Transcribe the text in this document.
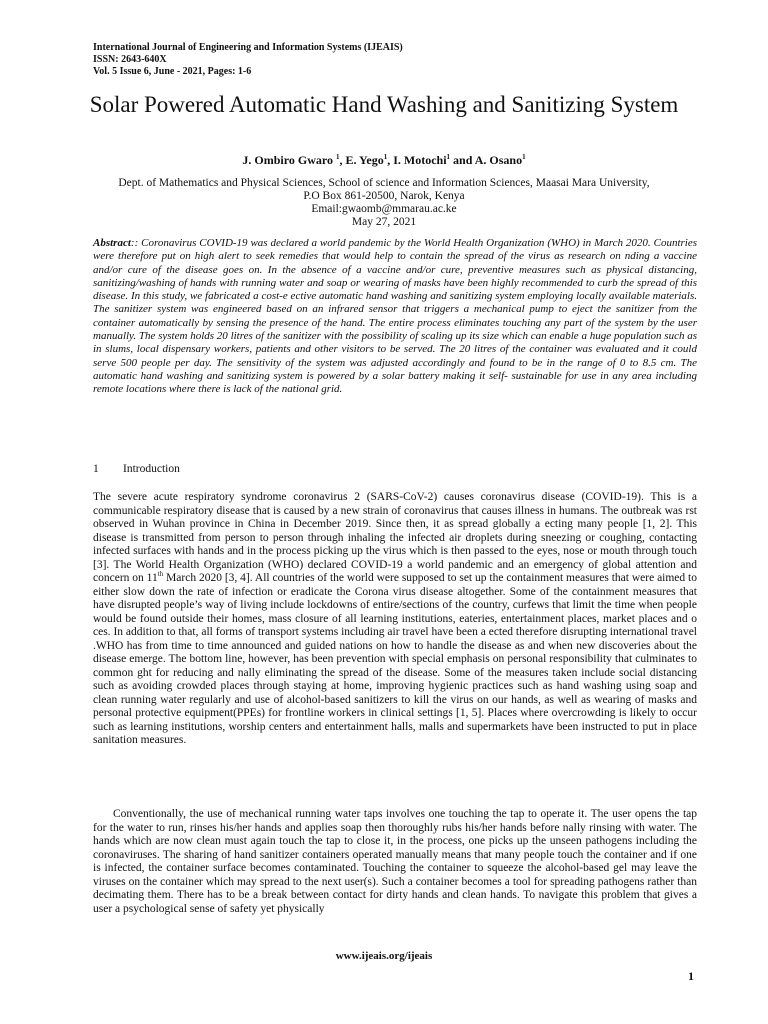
International Journal of Engineering and Information Systems (IJEAIS)
ISSN: 2643-640X
Vol. 5 Issue 6, June - 2021, Pages: 1-6
Solar Powered Automatic Hand Washing and Sanitizing System
J. Ombiro Gwaro $^1$, E. Yego$^1$, I. Motochi$^1$ and A. Osano$^1$
Dept. of Mathematics and Physical Sciences, School of science and Information Sciences, Maasai Mara University,
P.O Box 861-20500, Narok, Kenya
Email:gwaomb@mmarau.ac.ke
May 27, 2021

Abstract:: Coronavirus COVID-19 was declared a world pandemic by the World Health Organization (WHO) in March 2020. Countries were therefore put on high alert to seek remedies that would help to contain the spread of the virus as research on nding a vaccine and/or cure of the disease goes on. In the absence of a vaccine and/or cure, preventive measures such as physical distancing, sanitizing/washing of hands with running water and soap or wearing of masks have been highly recommended to curb the spread of this disease. In this study, we fabricated a cost-e ective automatic hand washing and sanitizing system employing locally available materials. The sanitizer system was engineered based on an infrared sensor that triggers a mechanical pump to eject the sanitizer from the container automatically by sensing the presence of the hand. The entire process eliminates touching any part of the system by the user manually. The system holds 20 litres of the sanitizer with the possibility of scaling up its size which can enable a huge population such as in slums, local dispensary workers, patients and other visitors to be served. The 20 litres of the container was evaluated and it could serve 500 people per day. The sensitivity of the system was adjusted accordingly and found to be in the range of 0 to 8.5 cm. The automatic hand washing and sanitizing system is powered by a solar battery making it self- sustainable for use in any area including remote locations where there is lack of the national grid.

1 Introduction

The severe acute respiratory syndrome coronavirus 2 (SARS-CoV-2) causes coronavirus disease (COVID-19). This is a communicable respiratory disease that is caused by a new strain of coronavirus that causes illness in humans. The outbreak was rst observed in Wuhan province in China in December 2019. Since then, it as spread globally a ecting many people [1, 2]. This disease is transmitted from person to person through inhaling the infected air droplets during sneezing or coughing, contacting infected surfaces with hands and in the process picking up the virus which is then passed to the eyes, nose or mouth through touch [3]. The World Health Organization (WHO) declared COVID-19 a world pandemic and an emergency of global attention and concern on 11th March 2020 [3, 4]. All countries of the world were supposed to set up the containment measures that were aimed to either slow down the rate of infection or eradicate the Corona virus disease altogether. Some of the containment measures that have disrupted people’s way of living include lockdowns of entire/sections of the country, curfews that limit the time when people would be found outside their homes, mass closure of all learning institutions, eateries, entertainment places, market places and o ces. In addition to that, all forms of transport systems including air travel have been a ected therefore disrupting international travel .WHO has from time to time announced and guided nations on how to handle the disease as and when new discoveries about the disease emerge. The bottom line, however, has been prevention with special emphasis on personal responsibility that culminates to common ght for reducing and nally eliminating the spread of the disease. Some of the measures taken include social distancing such as avoiding crowded places through staying at home, improving hygienic practices such as hand washing using soap and clean running water regularly and use of alcohol-based sanitizers to kill the virus on our hands, as well as wearing of masks and personal protective equipment(PPEs) for frontline workers in clinical settings [1, 5]. Places where overcrowding is likely to occur such as learning institutions, worship centers and entertainment halls, malls and supermarkets have been instructed to put in place sanitation measures.

Conventionally, the use of mechanical running water taps involves one touching the tap to operate it. The user opens the tap for the water to run, rinses his/her hands and applies soap then thoroughly rubs his/her hands before nally rinsing with water. The hands which are now clean must again touch the tap to close it, in the process, one picks up the unseen pathogens including the coronaviruses. The sharing of hand sanitizer containers operated manually means that many people touch the container and if one is infected, the container surface becomes contaminated. Touching the container to squeeze the alcohol-based gel may leave the viruses on the container which may spread to the next user(s). Such a container becomes a tool for spreading pathogens rather than decimating them. There has to be a break between contact for dirty hands and clean hands. To navigate this problem that gives a user a psychological sense of safety yet physically

www.ijeais.org/ijeais
1
